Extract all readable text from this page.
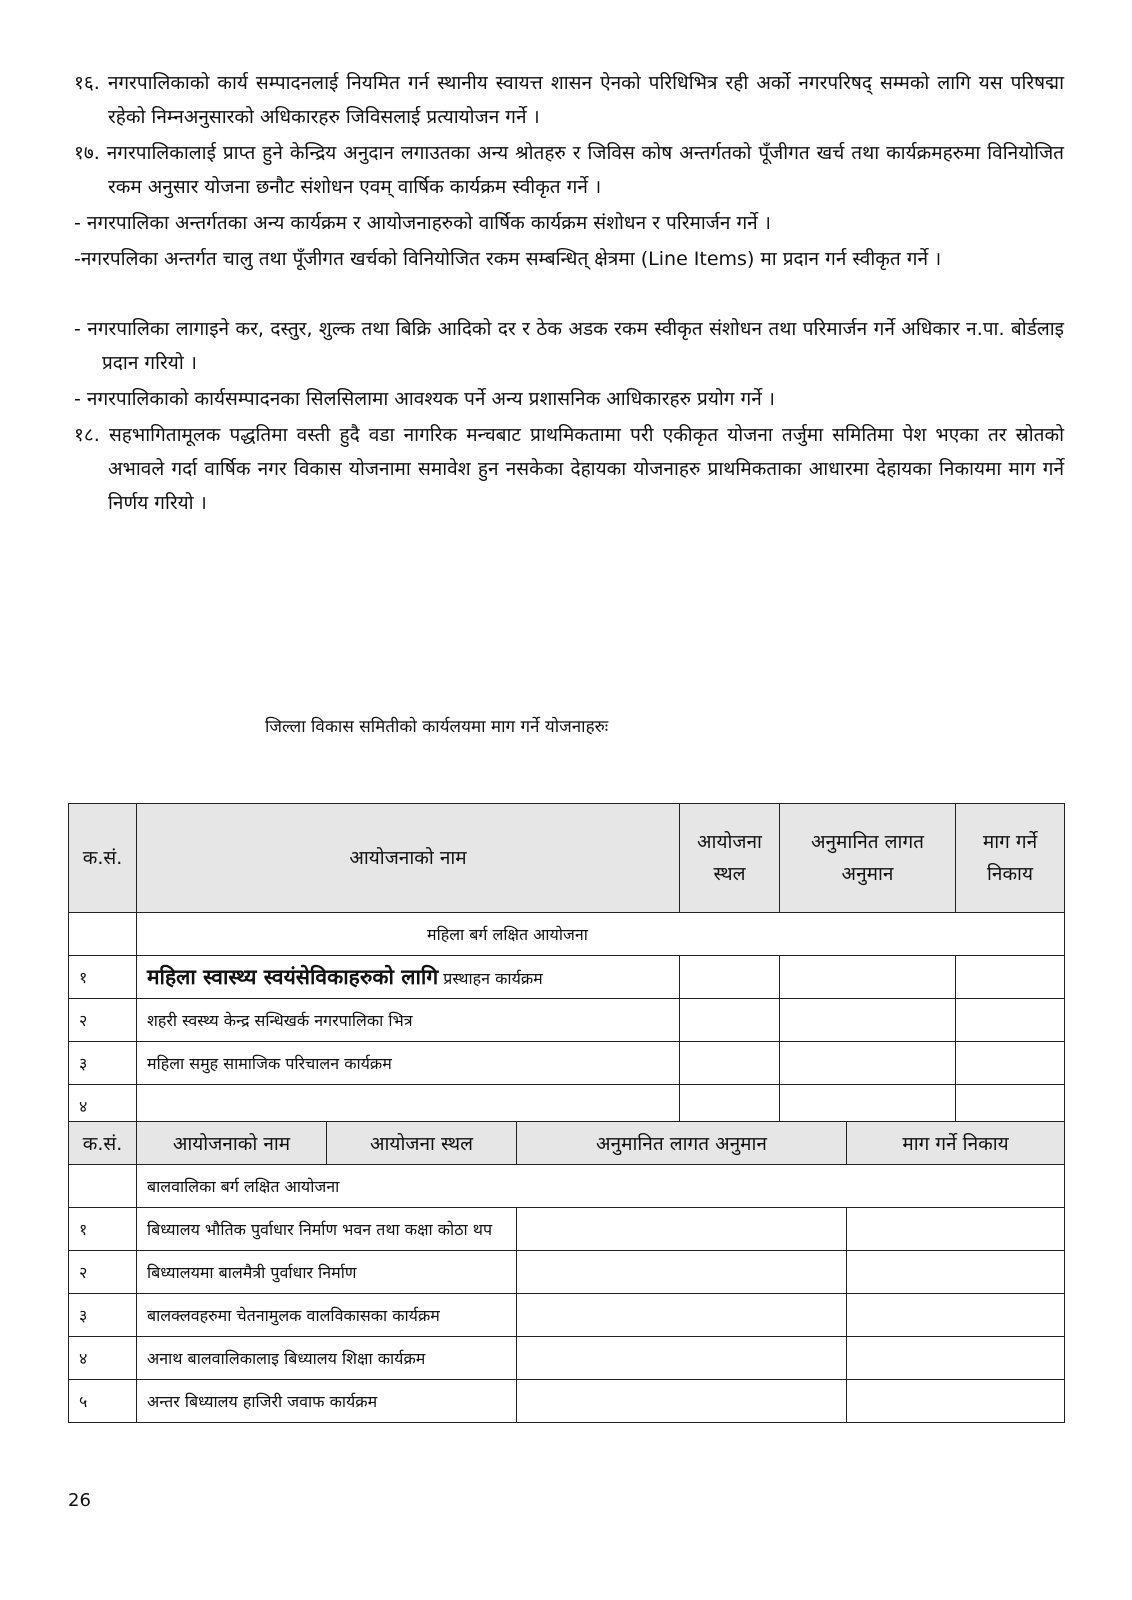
१६. नगरपालिकाको कार्य सम्पादनलाई नियमित गर्न स्थानीय स्वायत्त शासन ऐनको परिधिभित्र रही अर्को नगरपरिषद् सम्मको लागि यस परिषद्मा रहेको निम्नअनुसारको अधिकारहरु जिविसलाई प्रत्यायोजन गर्ने ।
१७. नगरपालिकालाई प्राप्त हुने केन्द्रिय अनुदान लगाउतका अन्य श्रोतहरु र जिविस कोष अन्तर्गतको पूँजीगत खर्च तथा कार्यक्रमहरुमा विनियोजित रकम अनुसार योजना छनौट संशोधन एवम् वार्षिक कार्यक्रम स्वीकृत गर्ने ।
- नगरपालिका अन्तर्गतका अन्य कार्यक्रम र आयोजनाहरुको वार्षिक कार्यक्रम संशोधन र परिमार्जन गर्ने ।
-नगरपलिका अन्तर्गत चालु तथा पूँजीगत खर्चको विनियोजित रकम सम्बन्धित् क्षेत्रमा (Line Items) मा प्रदान गर्न स्वीकृत गर्ने ।
- नगरपालिका लागाइने कर, दस्तुर, शुल्क तथा बिक्रि आदिको दर र ठेक अडक रकम स्वीकृत संशोधन तथा परिमार्जन गर्ने अधिकार न.पा. बोर्डलाइ प्रदान गरियो ।
- नगरपालिकाको कार्यसम्पादनका सिलसिलामा आवश्यक पर्ने अन्य प्रशासनिक आधिकारहरु प्रयोग गर्ने ।
१८. सहभागितामूलक पद्धतिमा वस्ती हुदै वडा नागरिक मन्चबाट प्राथमिकतामा परी एकीकृत योजना तर्जुमा समितिमा पेश भएका तर स्रोतको अभावले गर्दा वार्षिक नगर विकास योजनामा समावेश हुन नसकेका देहायका योजनाहरु प्राथमिकताका आधारमा देहायका निकायमा माग गर्ने निर्णय गरियो ।
जिल्ला विकास समितीको कार्यलयमा माग गर्ने योजनाहरुः
क.सं.	आयोजनाको नाम	आयोजना स्थल	अनुमानित लागत अनुमान	माग गर्ने निकाय
	महिला बर्ग लक्षित आयोजना			
१	महिला स्वास्थ्य स्वयंसेविकाहरुको लागि प्रस्थाहन कार्यक्रम			
२	शहरी स्वस्थ्य केन्द्र सन्धिखर्क नगरपालिका भित्र			
३	महिला समुह सामाजिक परिचालन कार्यक्रम			
४				
क.सं.	आयोजनाको नाम	आयोजना स्थल	अनुमानित लागत अनुमान	माग गर्ने निकाय
	बालवालिका बर्ग लक्षित आयोजना			
१	बिध्यालय भौतिक पुर्वाधार निर्माण भवन तथा कक्षा कोठा थप			
२	बिध्यालयमा बालमैत्री पुर्वाधार निर्माण			
३	बालक्लवहरुमा चेतनामुलक वालविकासका कार्यक्रम			
४	अनाथ बालवालिकालाइ बिध्यालय शिक्षा कार्यक्रम			
५	अन्तर बिध्यालय हाजिरी जवाफ कार्यक्रम			
26
